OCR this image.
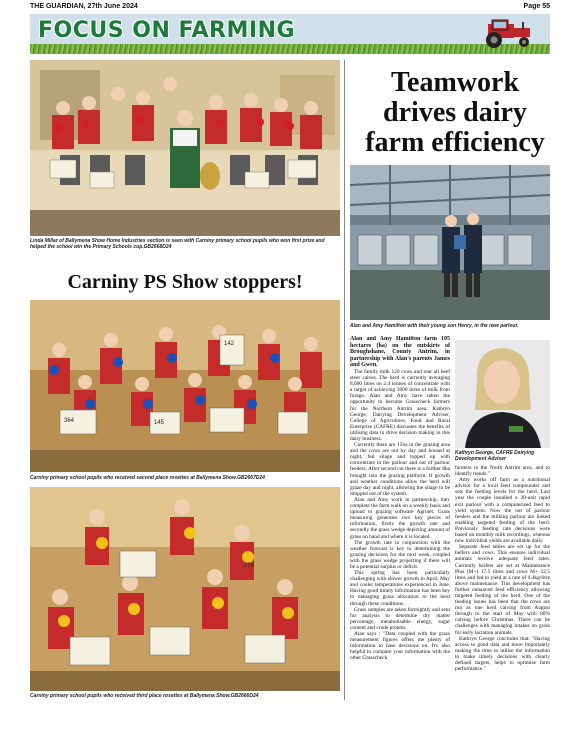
THE GUARDIAN, 27th June 2024	Page 55
FOCUS ON FARMING
Linda Millar of Ballymena Show Home Industries section is seen with Carniny primary school pupils who won first prize and helped the school win the Primary Schools cup.GB2668D24
Carniny PS Show stoppers!
364
142
145
Carniny primary school pupils who received second place rosettes at Ballymena Show.GB2667D24
274
Carniny primary school pupils who received third place rosettes at Ballymena Show.GB2666D24
Teamwork
drives dairy
farm efficiency
Alan and Amy Hamilton with their young son Henry, in the new parlour.

Alan and Amy Hamilton farm 105 hectares (ha) on the outskirts of Broughshane, County Antrim, in partnership with Alan's parents James and Gwen.

The family milk 120 cows and rear all beef steer calves. The herd is currently averaging 8,000 litres on 2.4 tonnes of concentrate with a target of achieving 3000 litres of milk from forage. Alan and Amy have taken the opportunity to become Grasscheck farmers for the Northern Antrim area. Kathryn George, Dairying Development Adviser, College of Agriculture, Food and Rural Enterprise (CAFRE) discusses the benefits of utilising data to drive decision making in this dairy business.

Currently there are 15ha in the grazing area and the cows are out by day and housed at night, fed silage and topped up with concentrate in the parlour and out of parlour feeders. After second cut there is a further 8ha brought into the grazing platform. If growth and weather conditions allow the herd will graze day and night, allowing the silage to be dropped out of the system.

Alan and Amy work in partnership, they complete the farm walk on a weekly basis and upload to grazing software Agrinet. Grass measuring generates two key pieces of information, firstly the growth rate and secondly the grass wedge depicting amount of grass on hand and where it is located.

The growth rate in conjunction with the weather forecast is key to determining the grazing decisions for the next week, coupled with the grass wedge projecting if there will be a potential surplus or deficit.

This spring has been particularly challenging with slower growth in April, May and cooler temperatures experienced in June. Having good timely information has been key to managing grass allocation to the herd through these conditions.

Grass samples are taken fortnightly and sent for analysis to determine dry matter percentage, metabolisable energy, sugar content and crude protein.

Alan says : "Data coupled with the grass measurement figures offers me plenty of information to base decisions on. It's also helpful to compare your information with the other Grasscheck

Kathryn George, CAFRE Dairying Development Adviser

farmers in the North Antrim area, and to identify trends."

Amy works off farm as a nutritional advisor for a local feed compounder and sets the feeding levels for the herd. Last year the couple installed a 20-unit rapid exit parlour with a computerised feed to yield system. Now the out of parlour feeders and the milking parlour are linked enabling targeted feeding of the herd. Previously feeding rate decisions were based on monthly milk recordings, whereas now individual yields are available daily.

Separate feed tables are set up for the heifers and cows. This ensures individual animals receive adequate feed rates. Currently heifers are set at Maintenance Plus (M+) 17.5 litres and cows M+ 22.5 litres and fed to yield at a rate of 0.4kg/litre above maintenance. This development has further enhanced feed efficiency allowing targeted feeding of the herd. One of the feeding issues has been that the cows are run as one herd calving from August through to the start of May with 80% calving before Christmas. There can be challenges with managing intakes on grass for early lactation animals.

Kathryn George concludes that: "Having access to good data and more importantly making the time to utilise the information to make timely decisions with clearly defined targets, helps to optimise farm performance."
